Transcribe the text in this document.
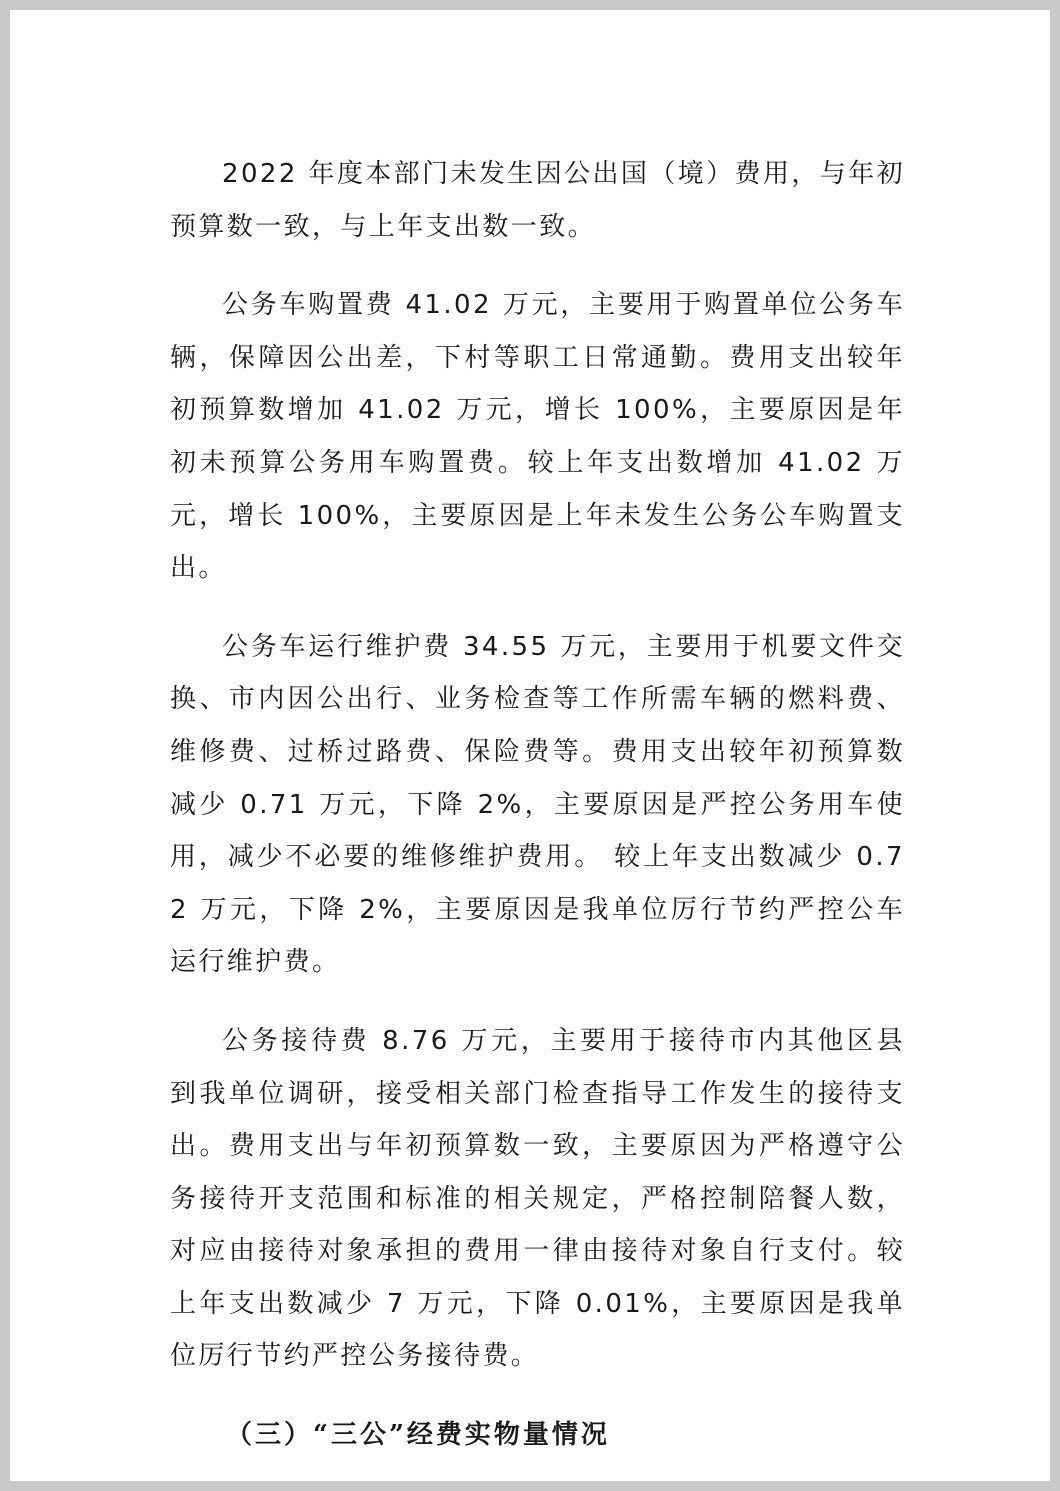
2022 年度本部门未发生因公出国（境）费用，与年初预算数一致，与上年支出数一致。

公务车购置费 41.02 万元，主要用于购置单位公务车辆，保障因公出差，下村等职工日常通勤。费用支出较年初预算数增加 41.02 万元，增长 100%，主要原因是年初未预算公务用车购置费。较上年支出数增加 41.02 万元，增长 100%，主要原因是上年未发生公务公车购置支出。

公务车运行维护费 34.55 万元，主要用于机要文件交换、市内因公出行、业务检查等工作所需车辆的燃料费、维修费、过桥过路费、保险费等。费用支出较年初预算数减少 0.71 万元，下降 2%，主要原因是严控公务用车使用，减少不必要的维修维护费用。 较上年支出数减少 0.72 万元，下降 2%，主要原因是我单位厉行节约严控公车运行维护费。

公务接待费 8.76 万元，主要用于接待市内其他区县到我单位调研，接受相关部门检查指导工作发生的接待支出。费用支出与年初预算数一致，主要原因为严格遵守公务接待开支范围和标准的相关规定，严格控制陪餐人数，对应由接待对象承担的费用一律由接待对象自行支付。较上年支出数减少 7 万元，下降 0.01%，主要原因是我单位厉行节约严控公务接待费。

（三）“三公”经费实物量情况
